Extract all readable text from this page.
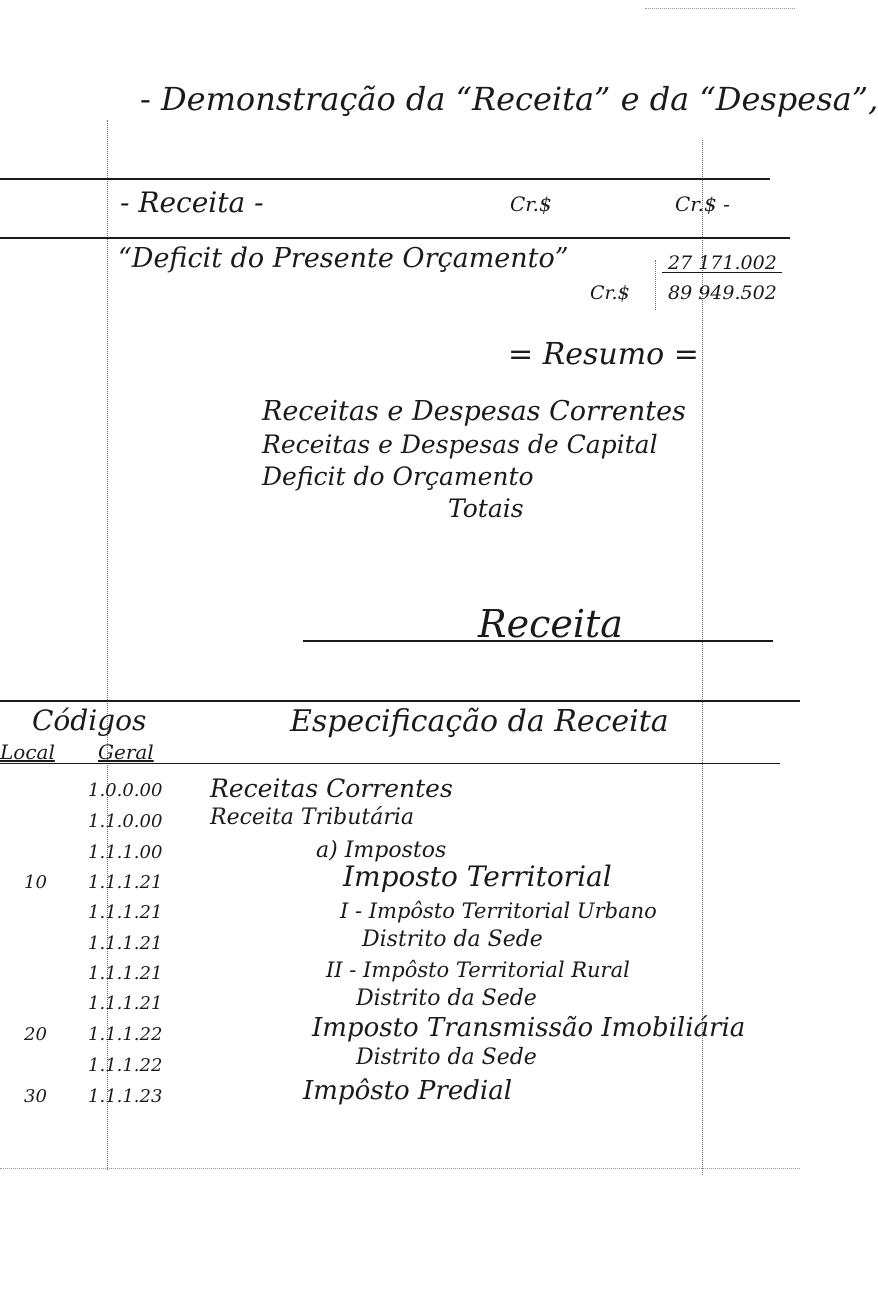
- Demonstração da “Receita” e da “Despesa”,
- Receita -	Cr.$	Cr.$ -
“Deficit do Presente Orçamento”	27 171.002
Cr.$ 89 949.502
= Resumo =
Receitas e Despesas Correntes
Receitas e Despesas de Capital
Deficit do Orçamento
Totais
Receita
Códigos	Especificação da Receita
Local Geral
1.0.0.00 Receitas Correntes
1.1.0.00 Receita Tributária
1.1.1.00	a) Impostos
10 1.1.1.21	Imposto Territorial
1.1.1.21	I - Impôsto Territorial Urbano
1.1.1.21	Distrito da Sede
1.1.1.21	II - Impôsto Territorial Rural
1.1.1.21	Distrito da Sede
20 1.1.1.22	Imposto Transmissão Imobiliária
1.1.1.22	Distrito da Sede
30 1.1.1.23	Impôsto Predial
